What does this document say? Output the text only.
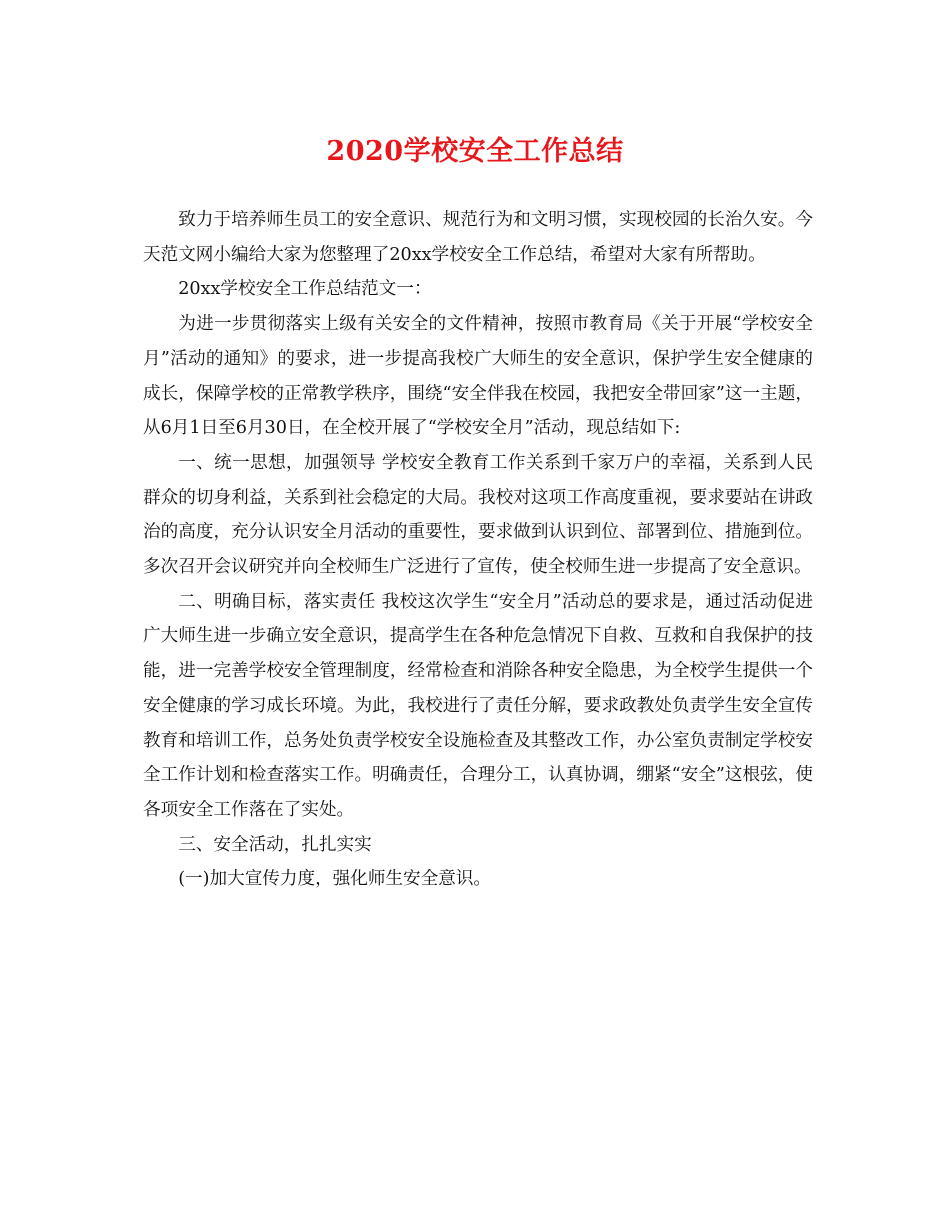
2020学校安全工作总结

致力于培养师生员工的安全意识、规范行为和文明习惯，实现校园的长治久安。今天范文网小编给大家为您整理了20xx学校安全工作总结，希望对大家有所帮助。

20xx学校安全工作总结范文一：

为进一步贯彻落实上级有关安全的文件精神，按照市教育局《关于开展“学校安全月”活动的通知》的要求，进一步提高我校广大师生的安全意识，保护学生安全健康的成长，保障学校的正常教学秩序，围绕“安全伴我在校园，我把安全带回家”这一主题，从6月1日至6月30日，在全校开展了“学校安全月”活动，现总结如下:

一、统一思想，加强领导 学校安全教育工作关系到千家万户的幸福，关系到人民群众的切身利益，关系到社会稳定的大局。我校对这项工作高度重视，要求要站在讲政治的高度，充分认识安全月活动的重要性，要求做到认识到位、部署到位、措施到位。多次召开会议研究并向全校师生广泛进行了宣传，使全校师生进一步提高了安全意识。

二、明确目标，落实责任 我校这次学生“安全月”活动总的要求是，通过活动促进广大师生进一步确立安全意识，提高学生在各种危急情况下自救、互救和自我保护的技能，进一完善学校安全管理制度，经常检查和消除各种安全隐患，为全校学生提供一个安全健康的学习成长环境。为此，我校进行了责任分解，要求政教处负责学生安全宣传教育和培训工作，总务处负责学校安全设施检查及其整改工作，办公室负责制定学校安全工作计划和检查落实工作。明确责任，合理分工，认真协调，绷紧“安全”这根弦，使各项安全工作落在了实处。

三、安全活动，扎扎实实

(一)加大宣传力度，强化师生安全意识。
